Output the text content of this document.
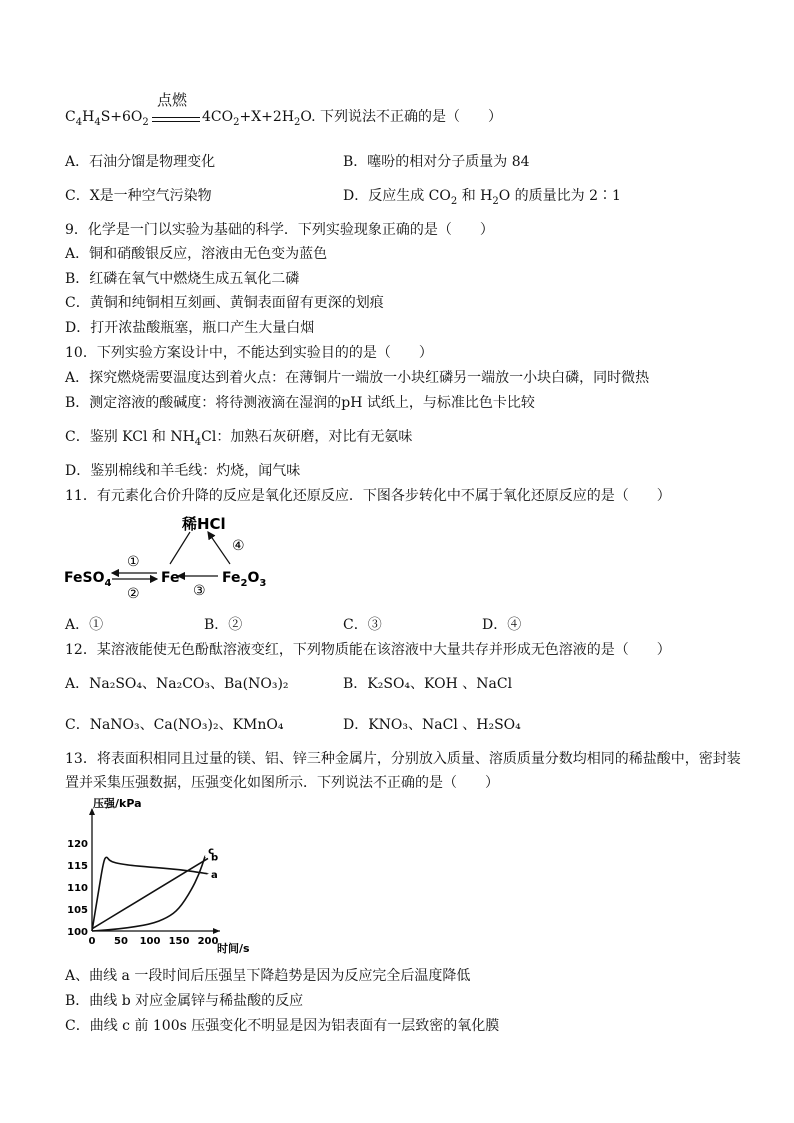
$C_4H_4S+6O_2$
点燃
$4CO_2+X+2H_2O$. 下列说法不正确的是（　　）
A．石油分馏是物理变化	B．噻吩的相对分子质量为 84
C．X是一种空气污染物	D．反应生成 $CO_2$ 和 $H_2O$ 的质量比为 2∶1
9．化学是一门以实验为基础的科学．下列实验现象正确的是（　　）
A．铜和硝酸银反应，溶液由无色变为蓝色
B．红磷在氧气中燃烧生成五氧化二磷
C．黄铜和纯铜相互刻画、黄铜表面留有更深的划痕
D．打开浓盐酸瓶塞，瓶口产生大量白烟
10．下列实验方案设计中，不能达到实验目的的是（　　）
A．探究燃烧需要温度达到着火点：在薄铜片一端放一小块红磷另一端放一小块白磷，同时微热
B．测定溶液的酸碱度：将待测液滴在湿润的pH 试纸上，与标准比色卡比较
C．鉴别 KCl 和 $NH_4Cl$：加熟石灰研磨，对比有无氨味
D．鉴别棉线和羊毛线：灼烧，闻气味
11．有元素化合价升降的反应是氧化还原反应．下图各步转化中不属于氧化还原反应的是（　　）
稀HCl
FeSO$_4$	Fe	$Fe_2O_3$
①
②	③
④
A．①	B．②	C．③	D．④
12．某溶液能使无色酚酞溶液变红，下列物质能在该溶液中大量共存并形成无色溶液的是（　　）
A．Na₂SO₄、Na₂CO₃、Ba(NO₃)₂	B．K₂SO₄、KOH 、NaCl
C．NaNO₃、Ca(NO₃)₂、KMnO₄	D．KNO₃、NaCl 、H₂SO₄
13．将表面积相同且过量的镁、铝、锌三种金属片，分别放入质量、溶质质量分数均相同的稀盐酸中，密封装
置并采集压强数据，压强变化如图所示．下列说法不正确的是（　　）
压强/kPa
时间/s
0 50 100 150 200
100
105
110
115
120
a
b
c
A、曲线 a 一段时间后压强呈下降趋势是因为反应完全后温度降低
B．曲线 b 对应金属锌与稀盐酸的反应
C．曲线 c 前 100s 压强变化不明显是因为铝表面有一层致密的氧化膜
